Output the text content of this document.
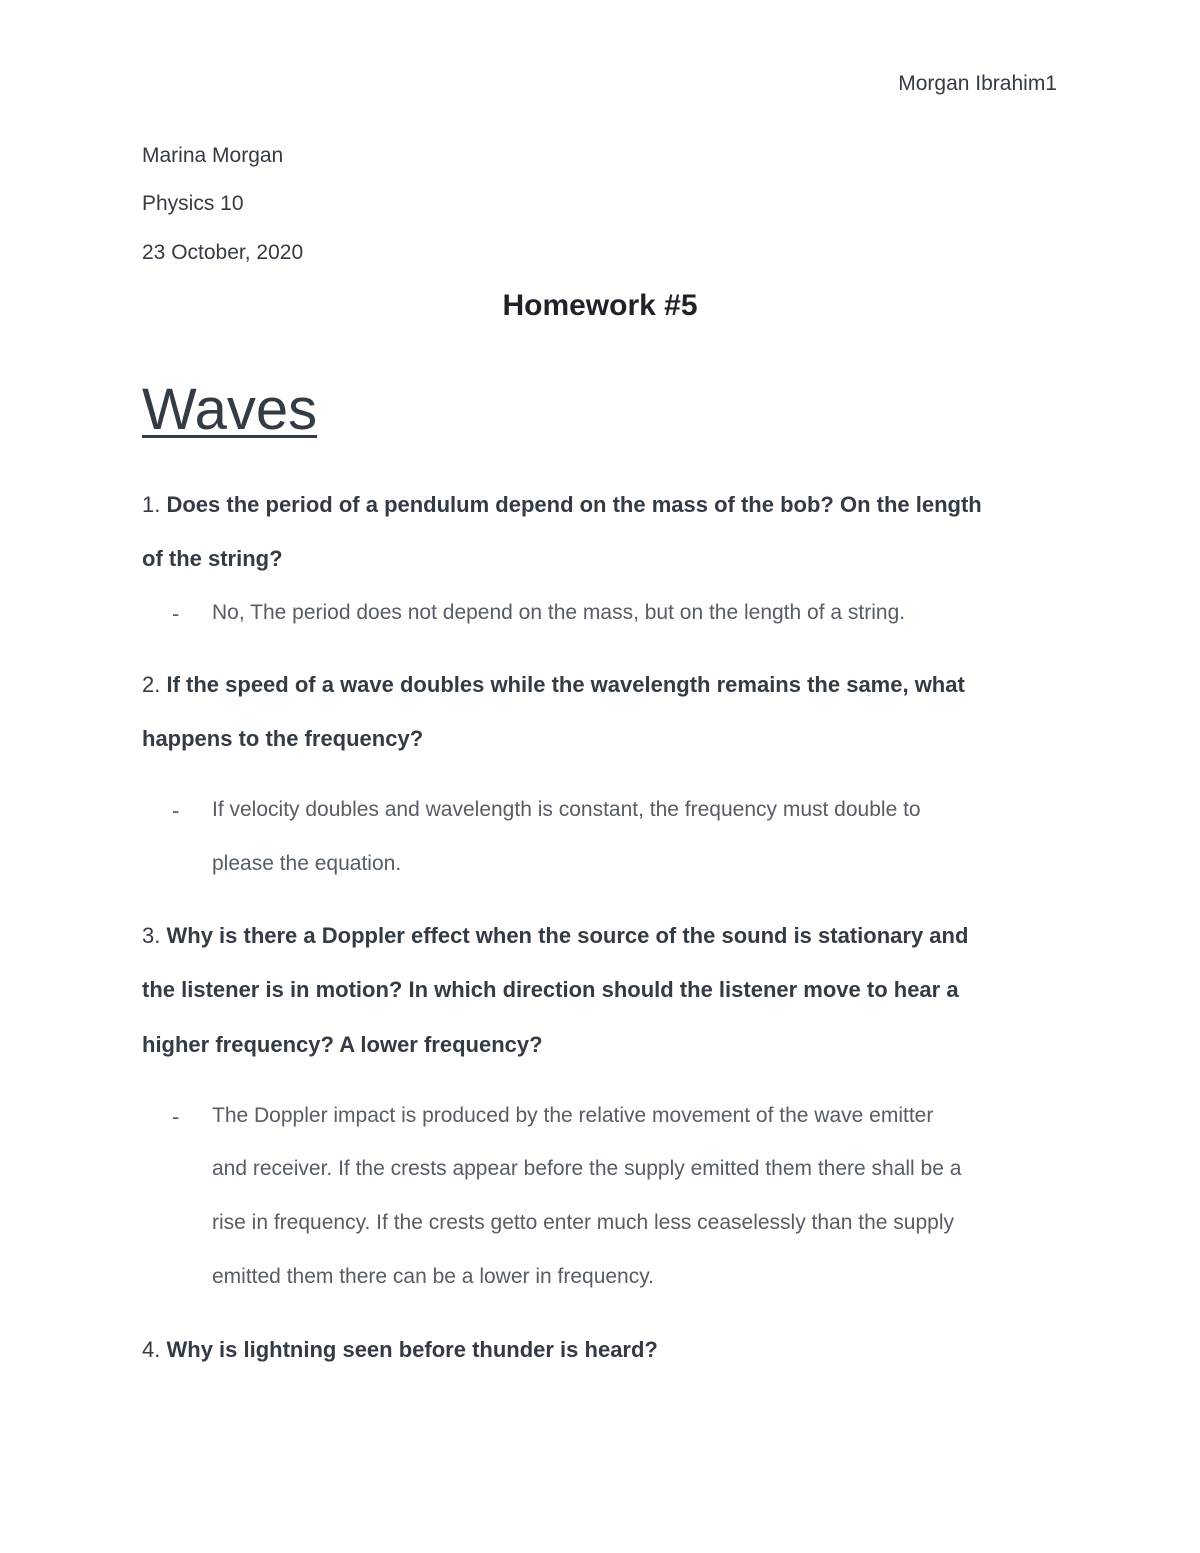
Morgan Ibrahim1
Marina Morgan
Physics 10
23 October, 2020
Homework #5
Waves
1. Does the period of a pendulum depend on the mass of the bob? On the length
of the string?
- No, The period does not depend on the mass, but on the length of a string.
2. If the speed of a wave doubles while the wavelength remains the same, what
happens to the frequency?
- If velocity doubles and wavelength is constant, the frequency must double to
please the equation.
3. Why is there a Doppler effect when the source of the sound is stationary and
the listener is in motion? In which direction should the listener move to hear a
higher frequency? A lower frequency?
- The Doppler impact is produced by the relative movement of the wave emitter
and receiver. If the crests appear before the supply emitted them there shall be a
rise in frequency. If the crests getto enter much less ceaselessly than the supply
emitted them there can be a lower in frequency.
4. Why is lightning seen before thunder is heard?
